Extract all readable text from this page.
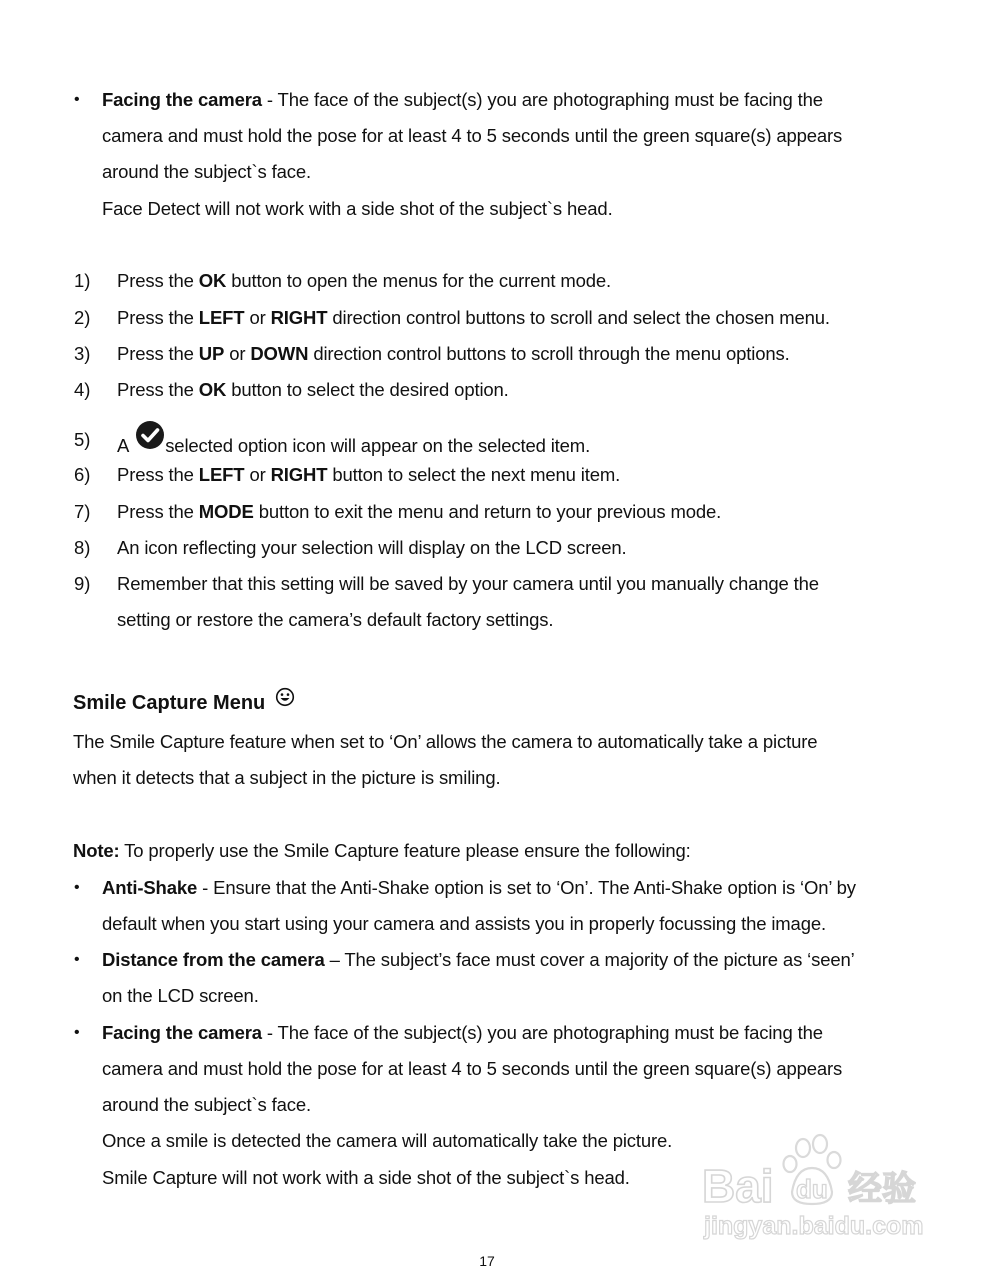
• Facing the camera - The face of the subject(s) you are photographing must be facing the
camera and must hold the pose for at least 4 to 5 seconds until the green square(s) appears
around the subject`s face.
Face Detect will not work with a side shot of the subject`s head.
1) Press the OK button to open the menus for the current mode.
2) Press the LEFT or RIGHT direction control buttons to scroll and select the chosen menu.
3) Press the UP or DOWN direction control buttons to scroll through the menu options.
4) Press the OK button to select the desired option.
5) A selected option icon will appear on the selected item.
6) Press the LEFT or RIGHT button to select the next menu item.
7) Press the MODE button to exit the menu and return to your previous mode.
8) An icon reflecting your selection will display on the LCD screen.
9) Remember that this setting will be saved by your camera until you manually change the
setting or restore the camera’s default factory settings.
Smile Capture Menu
The Smile Capture feature when set to ‘On’ allows the camera to automatically take a picture
when it detects that a subject in the picture is smiling.
Note: To properly use the Smile Capture feature please ensure the following:
• Anti-Shake - Ensure that the Anti-Shake option is set to ‘On’. The Anti-Shake option is ‘On’ by
default when you start using your camera and assists you in properly focussing the image.
• Distance from the camera – The subject’s face must cover a majority of the picture as ‘seen’
on the LCD screen.
• Facing the camera - The face of the subject(s) you are photographing must be facing the
camera and must hold the pose for at least 4 to 5 seconds until the green square(s) appears
around the subject`s face.
Once a smile is detected the camera will automatically take the picture.
Smile Capture will not work with a side shot of the subject`s head. Bai du 经验
jingyan.baidu.com
17
